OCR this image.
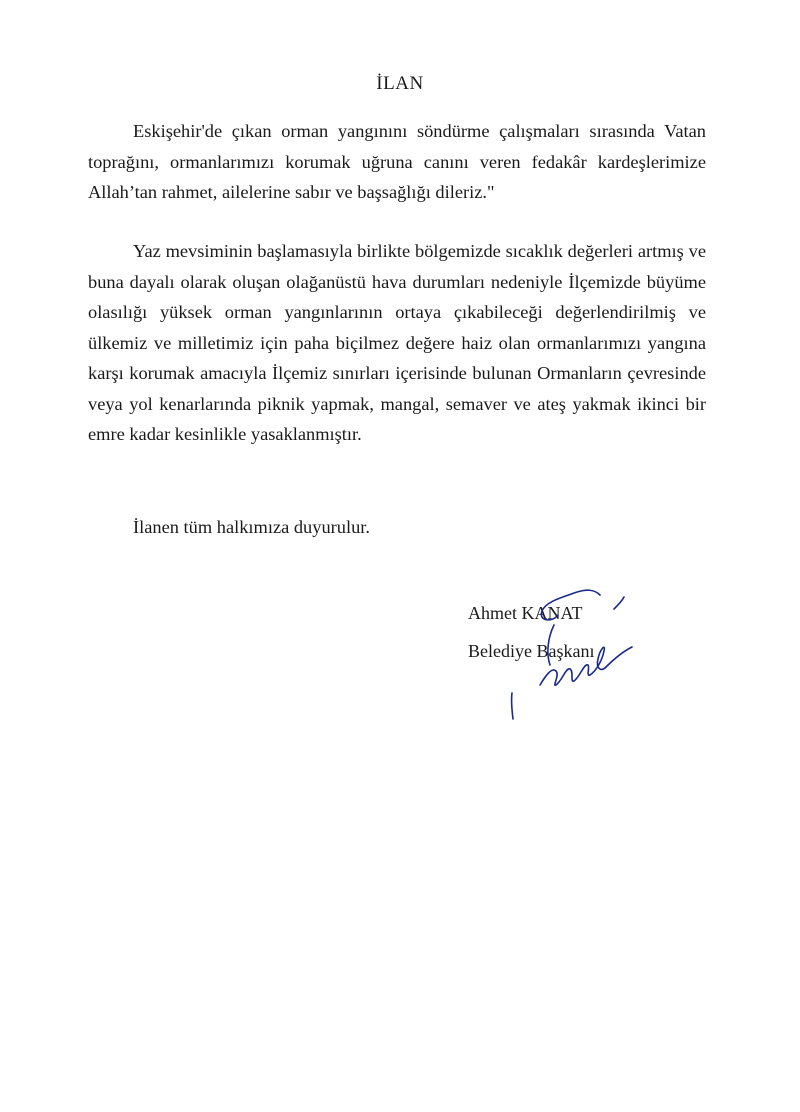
İLAN

Eskişehir'de çıkan orman yangınını söndürme çalışmaları sırasında Vatan toprağını, ormanlarımızı korumak uğruna canını veren fedakâr kardeşlerimize Allah’tan rahmet, ailelerine sabır ve başsağlığı dileriz."

Yaz mevsiminin başlamasıyla birlikte bölgemizde sıcaklık değerleri artmış ve buna dayalı olarak oluşan olağanüstü hava durumları nedeniyle İlçemizde büyüme olasılığı yüksek orman yangınlarının ortaya çıkabileceği değerlendirilmiş ve ülkemiz ve milletimiz için paha biçilmez değere haiz olan ormanlarımızı yangına karşı korumak amacıyla İlçemiz sınırları içerisinde bulunan Ormanların çevresinde veya yol kenarlarında piknik yapmak, mangal, semaver ve ateş yakmak ikinci bir emre kadar kesinlikle yasaklanmıştır.

İlanen tüm halkımıza duyurulur.

Ahmet KANAT
Belediye Başkanı
